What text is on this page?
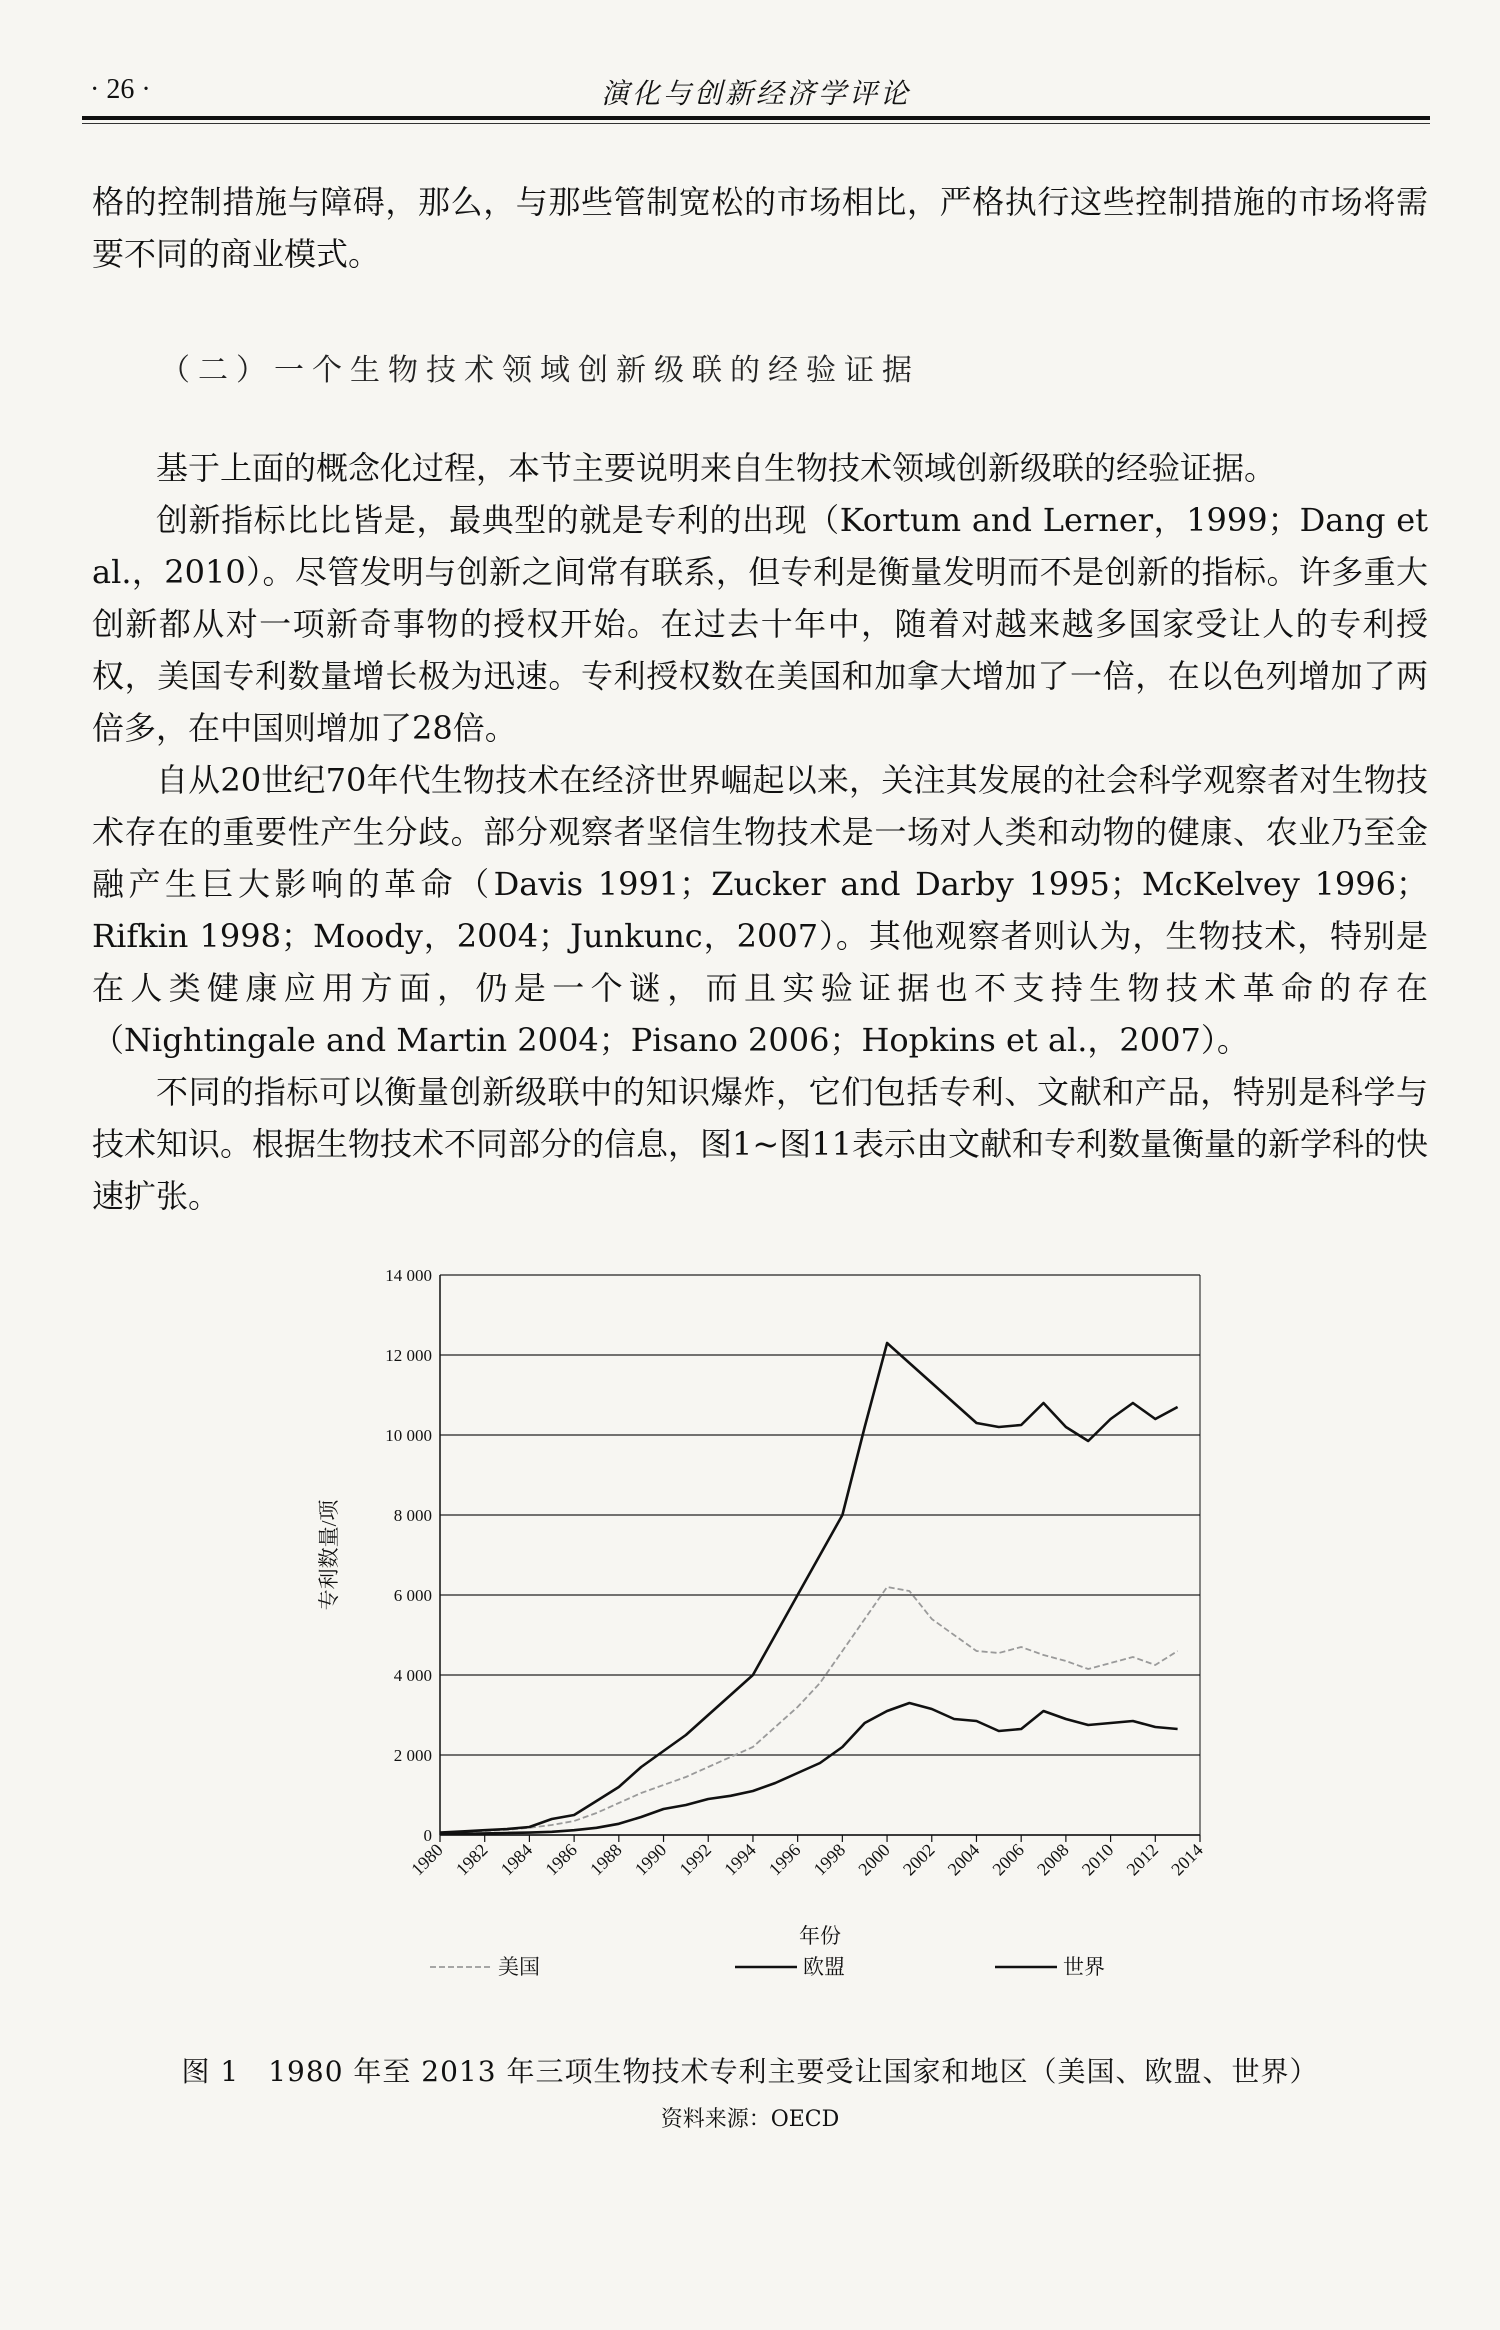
· 26 ·	演化与创新经济学评论

格的控制措施与障碍，那么，与那些管制宽松的市场相比，严格执行这些控制措施的市场将需要不同的商业模式。

（二）一个生物技术领域创新级联的经验证据

基于上面的概念化过程，本节主要说明来自生物技术领域创新级联的经验证据。

创新指标比比皆是，最典型的就是专利的出现（Kortum and Lerner，1999；Dang et al.，2010）。尽管发明与创新之间常有联系，但专利是衡量发明而不是创新的指标。许多重大创新都从对一项新奇事物的授权开始。在过去十年中，随着对越来越多国家受让人的专利授权，美国专利数量增长极为迅速。专利授权数在美国和加拿大增加了一倍，在以色列增加了两倍多，在中国则增加了28倍。

自从20世纪70年代生物技术在经济世界崛起以来，关注其发展的社会科学观察者对生物技术存在的重要性产生分歧。部分观察者坚信生物技术是一场对人类和动物的健康、农业乃至金融产生巨大影响的革命（Davis 1991；Zucker and Darby 1995；McKelvey 1996；Rifkin 1998；Moody，2004；Junkunc，2007）。其他观察者则认为，生物技术，特别是在人类健康应用方面，仍是一个谜，而且实验证据也不支持生物技术革命的存在（Nightingale and Martin 2004；Pisano 2006；Hopkins et al.，2007）。

不同的指标可以衡量创新级联中的知识爆炸，它们包括专利、文献和产品，特别是科学与技术知识。根据生物技术不同部分的信息，图1~图11表示由文献和专利数量衡量的新学科的快速扩张。

0
2 000
4 000
6 000
8 000
10 000
12 000
14 000
1980 1982 1984 1986 1988 1990 1992 1994 1996 1998 2000 2002 2004 2006 2008 2010 2012 2014
专利数量/项
年份
美国	欧盟	世界
图 1　1980 年至 2013 年三项生物技术专利主要受让国家和地区（美国、欧盟、世界）
资料来源：OECD
